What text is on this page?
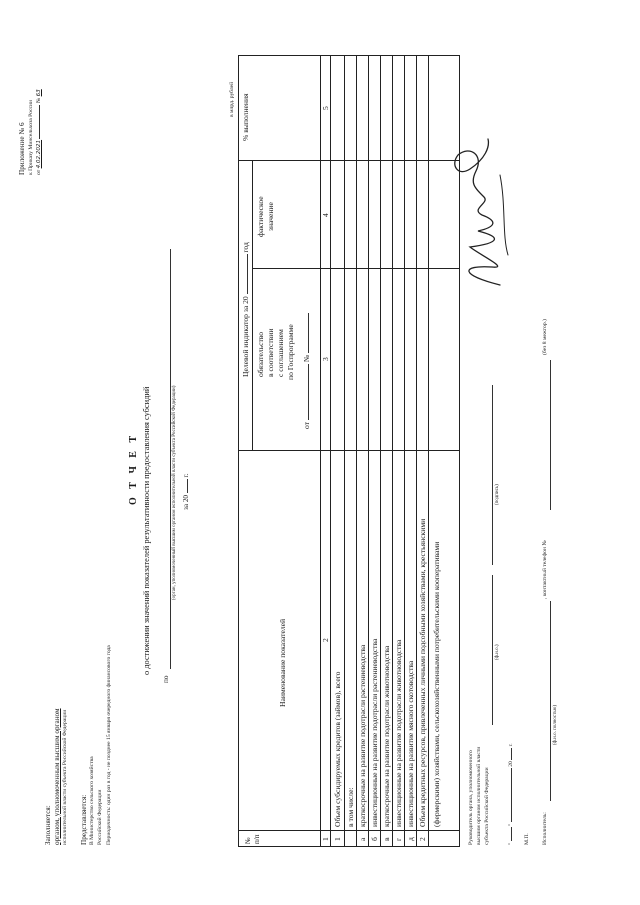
Приложение № 6 к Приказу Минсельхоза России от 4.02.2021  № 63
Заполняется: органом, уполномоченным высшим органом исполнительной власти субъекта Российской Федерации Представляется: В Министерство сельского хозяйства Российской Федерации Периодичность: один раз в год - не позднее 15 января очередного финансового года
О Т Ч Е Т о достижении значений показателей результативности предоставления субсидий
по
(орган, уполномоченный высшим органом исполнительной власти субъекта Российской Федерации) за 20  г.
в млрд. рублей
№ п/п
Наименование показателей
Целевой индикатор за 20  год
обязательство в соответствии с соглашением по Госпрограмме
от  №
фактическое значение
% выполнения
1
2
3
4
5
1
Объем субсидируемых кредитов (займов), всего в том числе:
а
краткосрочные на развитие подотрасли растениеводства
б
инвестиционные на развитие подотрасли растениеводства
в
краткосрочные на развитие подотрасли животноводства
г
инвестиционные на развитие подотрасли животноводства
д
инвестиционные на развитие мясного скотоводства
2
Объем кредитных ресурсов, привлеченных личными подсобными хозяйствами, крестьянскими (фермерскими) хозяйствами, сельскохозяйственными потребительскими кооперативами	Руководитель органа, уполномоченного высшим органом исполнительной власти субъекта Российской Федерации
(ф.и.о.)
(подпись)
"  "  20  г.
М.П. Исполнитель:
(ф.и.о. полностью)
, контактный телефон №
(без 8 межгор.)
